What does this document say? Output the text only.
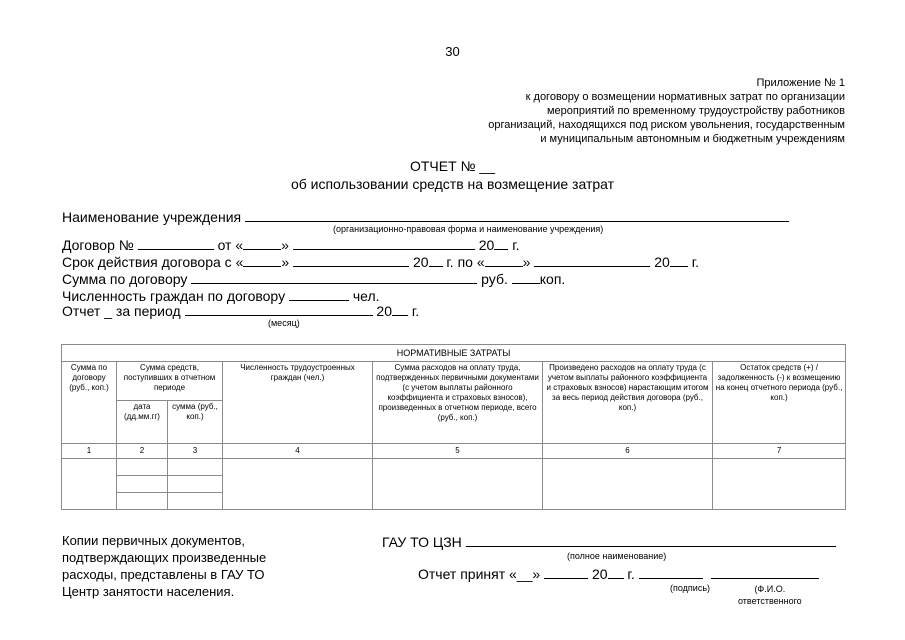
30
Приложение № 1
к договору о возмещении нормативных затрат по организации
мероприятий по временному трудоустройству работников
организаций, находящихся под риском увольнения, государственным
и муниципальным автономным и бюджетным учреждениям
ОТЧЕТ № __
об использовании средств на возмещение затрат
Наименование учреждения
(организационно-правовая форма и наименование учреждения)
Договор №	от «	»	20 г.
Срок действия договора с «	»	20 г. по «	»	20 г.
Сумма по договору	руб. коп.
Численность граждан по договору	чел.
Отчет _ за период	20 г.
(месяц)
НОРМАТИВНЫЕ ЗАТРАТЫ						
Сумма по договору (руб., коп.)	Сумма средств, поступивших в отчетном периоде		Численность трудоустроенных граждан (чел.)	Сумма расходов на оплату труда, подтвержденных первичными документами (с учетом выплаты районного коэффициента и страховых взносов), произведенных в отчетном периоде, всего (руб., коп.)	Произведено расходов на оплату труда (с учетом выплаты районного коэффициента и страховых взносов) нарастающим итогом за весь период действия договора (руб., коп.)	Остаток средств (+) / задолженность (-) к возмещению на конец отчетного периода (руб., коп.)
	дата (дд.мм.гг)	сумма (руб., коп.)				
1	2	3	4	5	6	7

Копии первичных документов,
подтверждающих произведенные
расходы, представлены в ГАУ ТО
Центр занятости населения.
ГАУ ТО ЦЗН
(полное наименование)
Отчет принят «__»	20 г.
(подпись)	(Ф.И.О.
ответственного
